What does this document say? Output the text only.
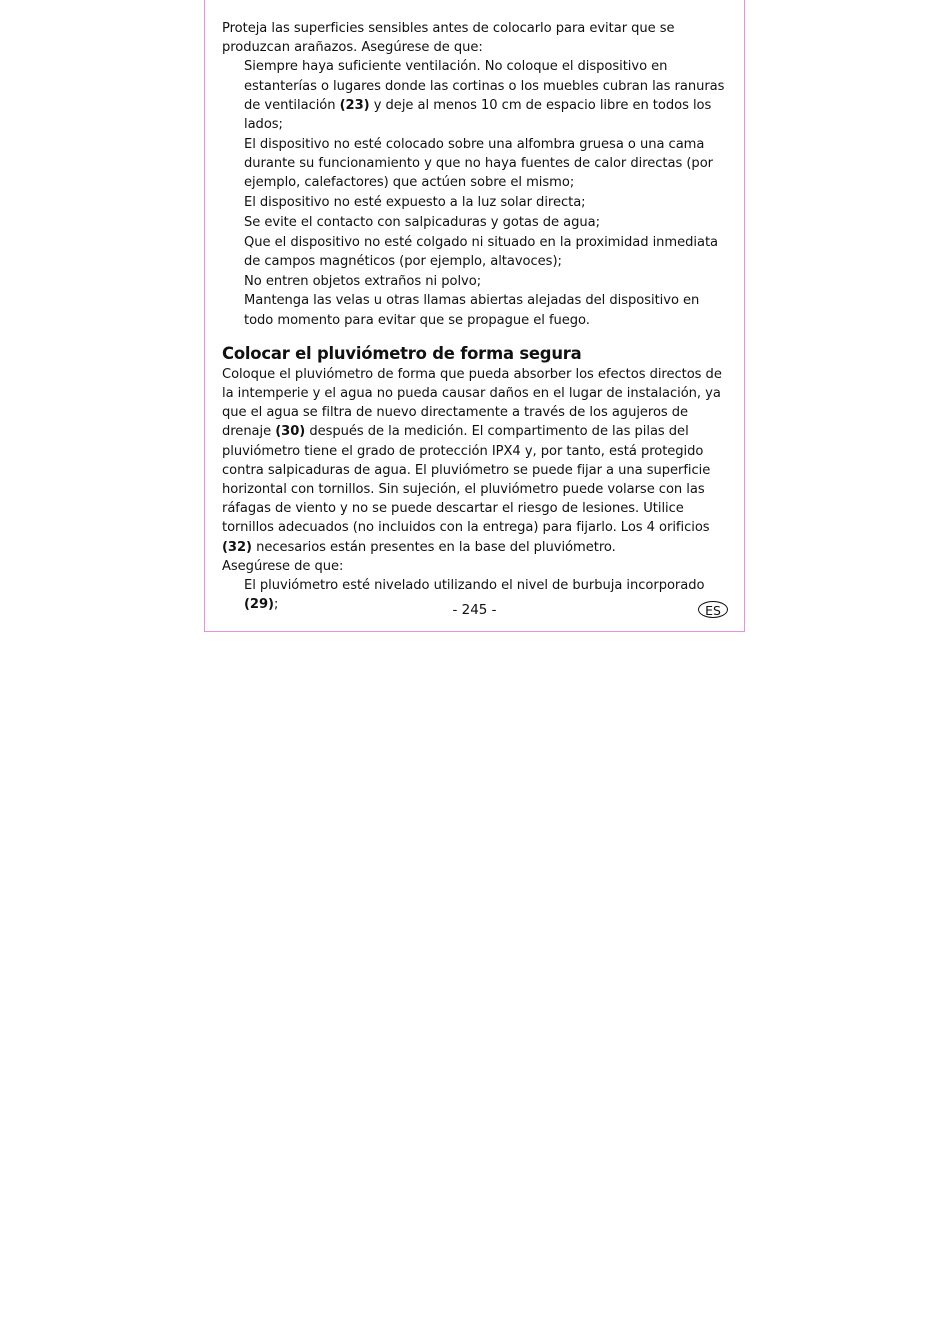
Proteja las superficies sensibles antes de colocarlo para evitar que se produzcan arañazos. Asegúrese de que:

Siempre haya suficiente ventilación. No coloque el dispositivo en estanterías o lugares donde las cortinas o los muebles cubran las ranuras de ventilación (23) y deje al menos 10 cm de espacio libre en todos los lados;
El dispositivo no esté colocado sobre una alfombra gruesa o una cama durante su funcionamiento y que no haya fuentes de calor directas (por ejemplo, calefactores) que actúen sobre el mismo;
El dispositivo no esté expuesto a la luz solar directa;
Se evite el contacto con salpicaduras y gotas de agua;
Que el dispositivo no esté colgado ni situado en la proximidad inmediata de campos magnéticos (por ejemplo, altavoces);
No entren objetos extraños ni polvo;
Mantenga las velas u otras llamas abiertas alejadas del dispositivo en todo momento para evitar que se propague el fuego.
Colocar el pluviómetro de forma segura

Coloque el pluviómetro de forma que pueda absorber los efectos directos de la intemperie y el agua no pueda causar daños en el lugar de instalación, ya que el agua se filtra de nuevo directamente a través de los agujeros de drenaje (30) después de la medición. El compartimento de las pilas del pluviómetro tiene el grado de protección IPX4 y, por tanto, está protegido contra salpicaduras de agua. El pluviómetro se puede fijar a una superficie horizontal con tornillos. Sin sujeción, el pluviómetro puede volarse con las ráfagas de viento y no se puede descartar el riesgo de lesiones. Utilice tornillos adecuados (no incluidos con la entrega) para fijarlo. Los 4 orificios (32) necesarios están presentes en la base del pluviómetro.

Asegúrese de que:

El pluviómetro esté nivelado utilizando el nivel de burbuja incorporado (29);	- 245 -	ES
